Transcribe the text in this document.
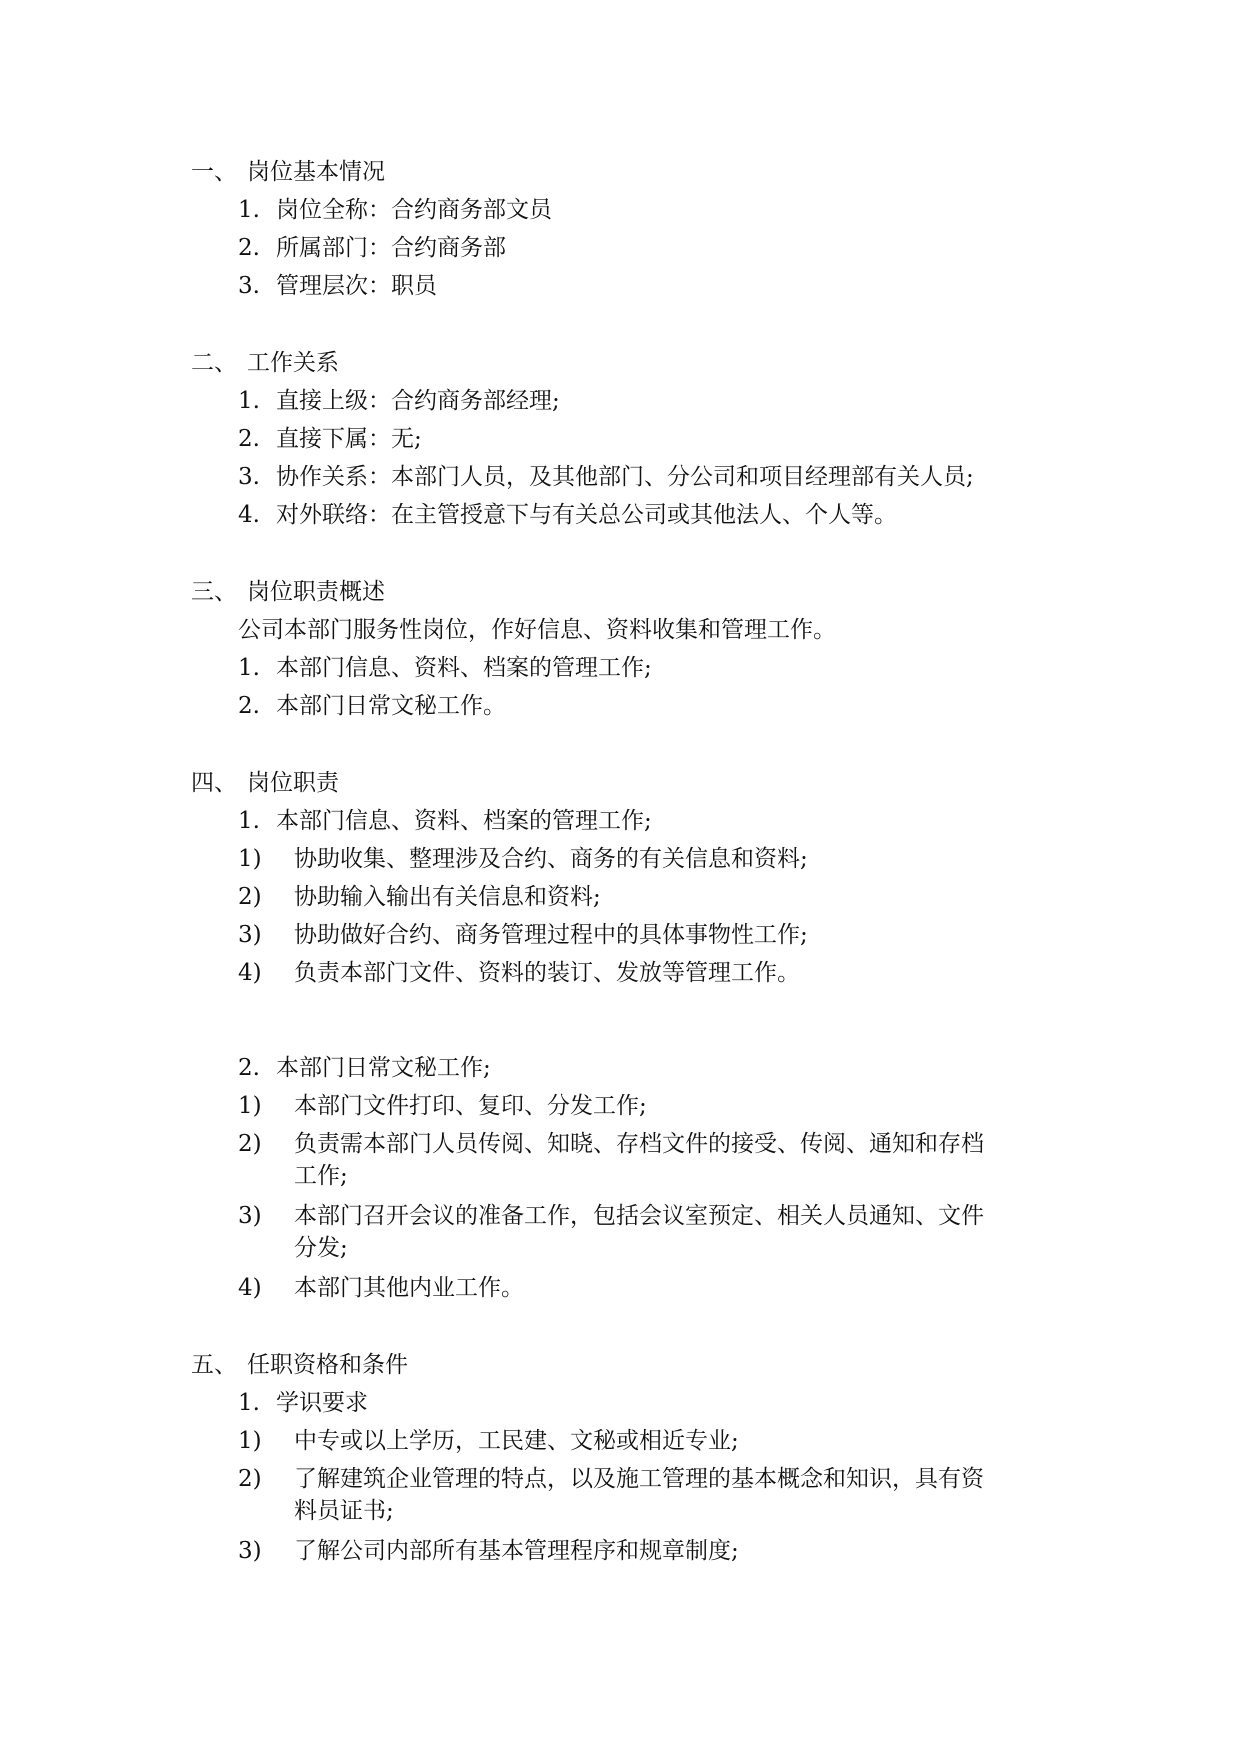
一、 岗位基本情况
1. 岗位全称：合约商务部文员
2. 所属部门：合约商务部
3. 管理层次：职员
二、 工作关系
1. 直接上级：合约商务部经理;
2. 直接下属：无;
3. 协作关系：本部门人员，及其他部门、分公司和项目经理部有关人员;
4. 对外联络：在主管授意下与有关总公司或其他法人、个人等。
三、 岗位职责概述
公司本部门服务性岗位，作好信息、资料收集和管理工作。
1. 本部门信息、资料、档案的管理工作;
2. 本部门日常文秘工作。
四、 岗位职责
1. 本部门信息、资料、档案的管理工作;
1) 协助收集、整理涉及合约、商务的有关信息和资料;
2) 协助输入输出有关信息和资料;
3) 协助做好合约、商务管理过程中的具体事物性工作;
4) 负责本部门文件、资料的装订、发放等管理工作。
2. 本部门日常文秘工作;
1) 本部门文件打印、复印、分发工作;
2) 负责需本部门人员传阅、知晓、存档文件的接受、传阅、通知和存档
工作;
3) 本部门召开会议的准备工作，包括会议室预定、相关人员通知、文件
分发;
4) 本部门其他内业工作。
五、 任职资格和条件
1. 学识要求
1) 中专或以上学历，工民建、文秘或相近专业;
2) 了解建筑企业管理的特点，以及施工管理的基本概念和知识，具有资
料员证书;
3) 了解公司内部所有基本管理程序和规章制度;
